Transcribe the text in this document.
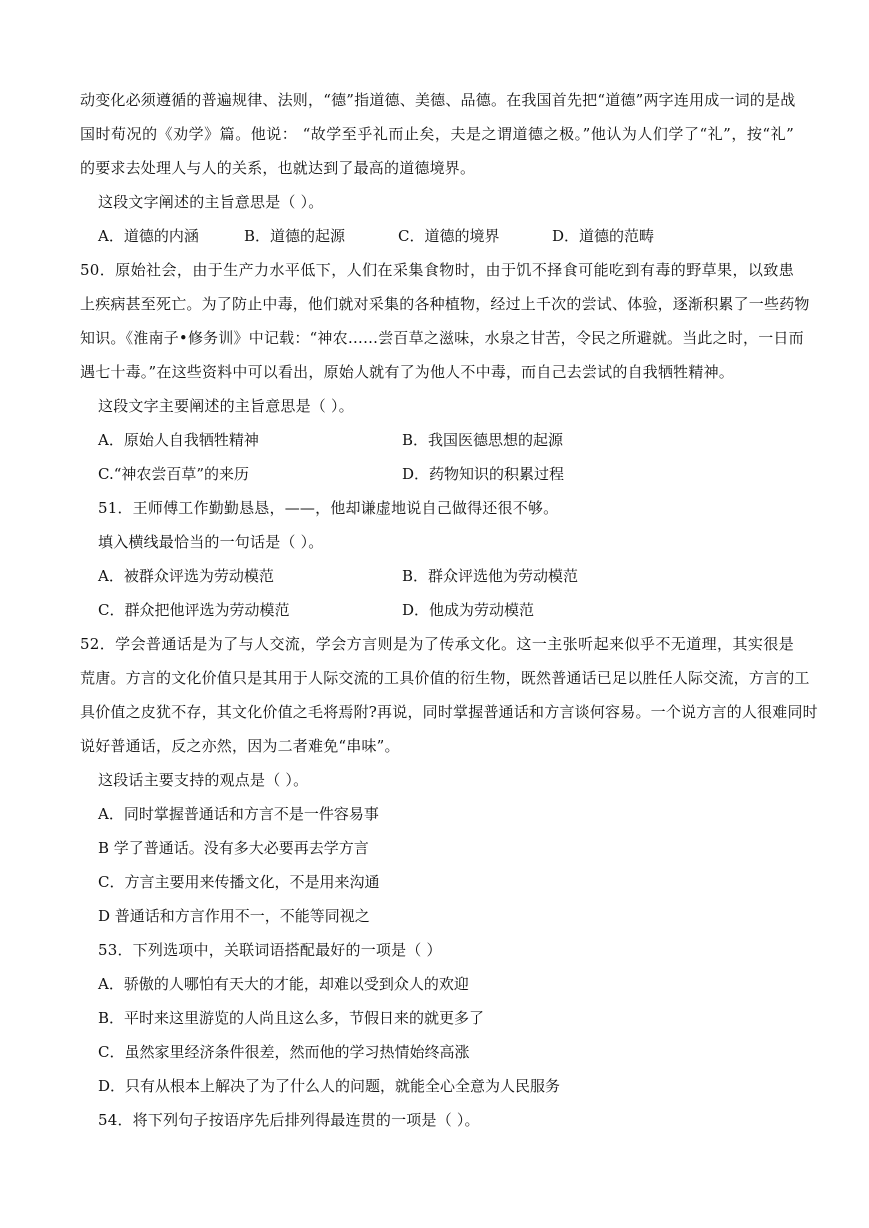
动变化必须遵循的普遍规律、法则，“德”指道德、美德、品德。在我国首先把“道德”两字连用成一词的是战
国时荀况的《劝学》篇。他说： “故学至乎礼而止矣，夫是之谓道德之极。”他认为人们学了“礼”，按“礼”
的要求去处理人与人的关系，也就达到了最高的道德境界。
这段文字阐述的主旨意思是（ ）。
A．道德的内涵	B．道德的起源	C．道德的境界	D．道德的范畴
50．原始社会，由于生产力水平低下，人们在采集食物时，由于饥不择食可能吃到有毒的野草果，以致患
上疾病甚至死亡。为了防止中毒，他们就对采集的各种植物，经过上千次的尝试、体验，逐渐积累了一些药物
知识。《淮南子•修务训》中记载：“神农……尝百草之滋味，水泉之甘苦，令民之所避就。当此之时，一日而
遇七十毒。”在这些资料中可以看出，原始人就有了为他人不中毒，而自己去尝试的自我牺牲精神。
这段文字主要阐述的主旨意思是（ ）。
A．原始人自我牺牲精神	B．我国医德思想的起源
C.“神农尝百草”的来历	D．药物知识的积累过程
51．王师傅工作勤勤恳恳，——，他却谦虚地说自己做得还很不够。
填入横线最恰当的一句话是（ ）。
A．被群众评选为劳动模范	B．群众评选他为劳动模范
C．群众把他评选为劳动模范	D．他成为劳动模范
52．学会普通话是为了与人交流，学会方言则是为了传承文化。这一主张听起来似乎不无道理，其实很是
荒唐。方言的文化价值只是其用于人际交流的工具价值的衍生物，既然普通话已足以胜任人际交流，方言的工
具价值之皮犹不存，其文化价值之毛将焉附?再说，同时掌握普通话和方言谈何容易。一个说方言的人很难同时
说好普通话，反之亦然，因为二者难免“串味”。
这段话主要支持的观点是（ ）。
A．同时掌握普通话和方言不是一件容易事
B 学了普通话。没有多大必要再去学方言
C．方言主要用来传播文化，不是用来沟通
D 普通话和方言作用不一，不能等同视之
53．下列选项中，关联词语搭配最好的一项是（ ）
A．骄傲的人哪怕有天大的才能，却难以受到众人的欢迎
B．平时来这里游览的人尚且这么多，节假日来的就更多了
C．虽然家里经济条件很差，然而他的学习热情始终高涨
D．只有从根本上解决了为了什么人的问题，就能全心全意为人民服务
54．将下列句子按语序先后排列得最连贯的一项是（ ）。
